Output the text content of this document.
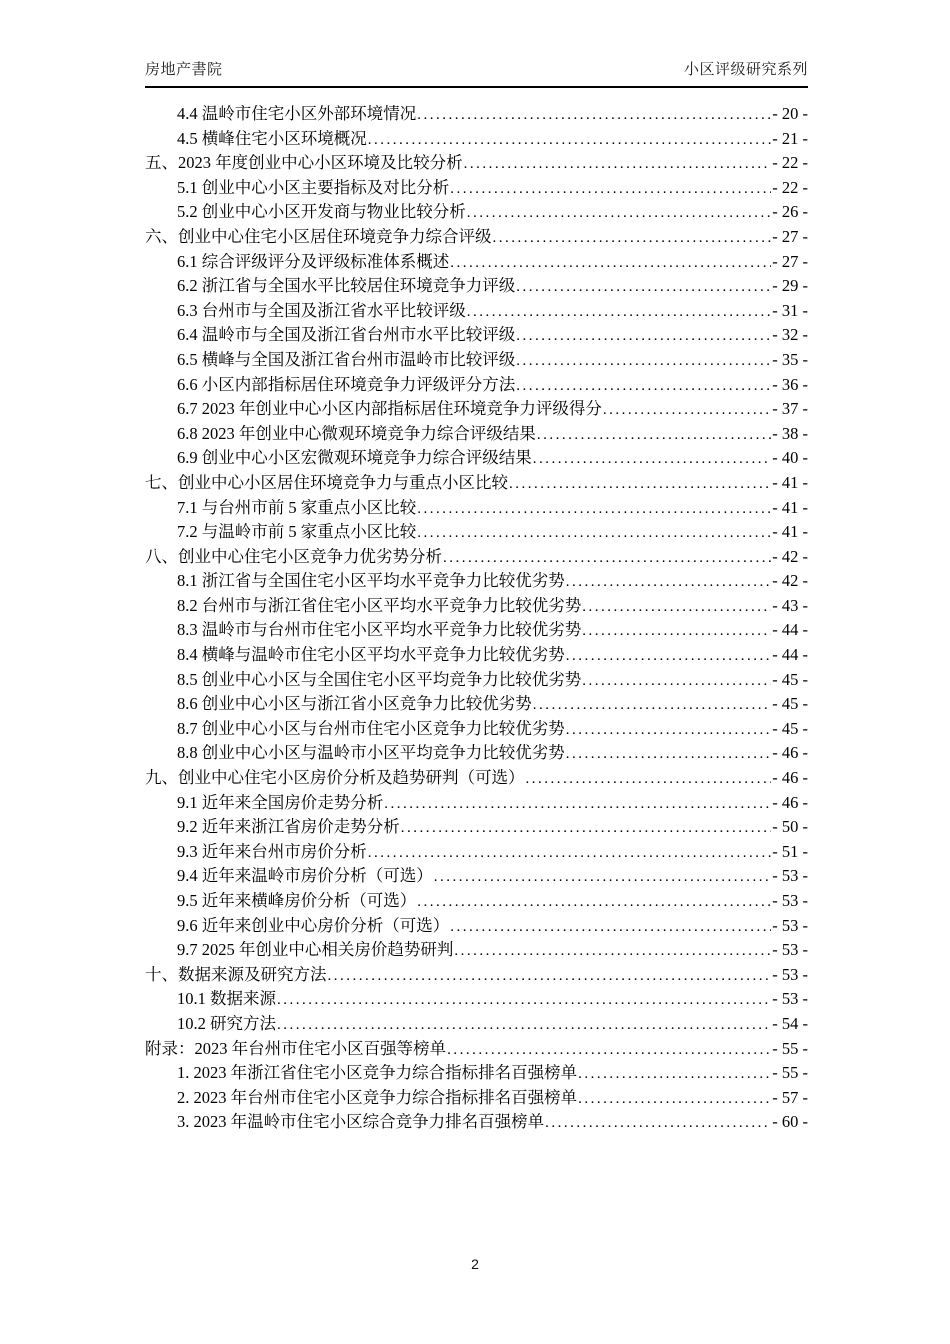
房地产書院	小区评级研究系列
4.4 温岭市住宅小区外部环境情况 .....	- 20 -
4.5 横峰住宅小区环境概况 .....	- 21 -
五、2023 年度创业中心小区环境及比较分析 .....	- 22 -
5.1 创业中心小区主要指标及对比分析 .....	- 22 -
5.2 创业中心小区开发商与物业比较分析 .....	- 26 -
六、创业中心住宅小区居住环境竞争力综合评级 .....	- 27 -
6.1 综合评级评分及评级标准体系概述 .....	- 27 -
6.2 浙江省与全国水平比较居住环境竞争力评级 .....	- 29 -
6.3 台州市与全国及浙江省水平比较评级 .....	- 31 -
6.4 温岭市与全国及浙江省台州市水平比较评级 .....	- 32 -
6.5 横峰与全国及浙江省台州市温岭市比较评级 .....	- 35 -
6.6 小区内部指标居住环境竞争力评级评分方法 .....	- 36 -
6.7 2023 年创业中心小区内部指标居住环境竞争力评级得分 .....	- 37 -
6.8 2023 年创业中心微观环境竞争力综合评级结果 .....	- 38 -
6.9 创业中心小区宏微观环境竞争力综合评级结果 .....	- 40 -
七、创业中心小区居住环境竞争力与重点小区比较 .....	- 41 -
7.1 与台州市前 5 家重点小区比较 .....	- 41 -
7.2 与温岭市前 5 家重点小区比较 .....	- 41 -
八、创业中心住宅小区竞争力优劣势分析 .....	- 42 -
8.1 浙江省与全国住宅小区平均水平竞争力比较优劣势 .....	- 42 -
8.2 台州市与浙江省住宅小区平均水平竞争力比较优劣势 .....	- 43 -
8.3 温岭市与台州市住宅小区平均水平竞争力比较优劣势 .....	- 44 -
8.4 横峰与温岭市住宅小区平均水平竞争力比较优劣势 .....	- 44 -
8.5 创业中心小区与全国住宅小区平均竞争力比较优劣势 .....	- 45 -
8.6 创业中心小区与浙江省小区竞争力比较优劣势 .....	- 45 -
8.7 创业中心小区与台州市住宅小区竞争力比较优劣势 .....	- 45 -
8.8 创业中心小区与温岭市小区平均竞争力比较优劣势 .....	- 46 -
九、创业中心住宅小区房价分析及趋势研判（可选） .....	- 46 -
9.1 近年来全国房价走势分析 .....	- 46 -
9.2 近年来浙江省房价走势分析 .....	- 50 -
9.3 近年来台州市房价分析 .....	- 51 -
9.4 近年来温岭市房价分析（可选） .....	- 53 -
9.5 近年来横峰房价分析（可选） .....	- 53 -
9.6 近年来创业中心房价分析（可选） .....	- 53 -
9.7 2025 年创业中心相关房价趋势研判 .....	- 53 -
十、数据来源及研究方法 .....	- 53 -
10.1 数据来源 .....	- 53 -
10.2 研究方法 .....	- 54 -
附录：2023 年台州市住宅小区百强等榜单 .....	- 55 -
1. 2023 年浙江省住宅小区竞争力综合指标排名百强榜单 .....	- 55 -
2. 2023 年台州市住宅小区竞争力综合指标排名百强榜单 .....	- 57 -
3. 2023 年温岭市住宅小区综合竞争力排名百强榜单 .....	- 60 -
2
